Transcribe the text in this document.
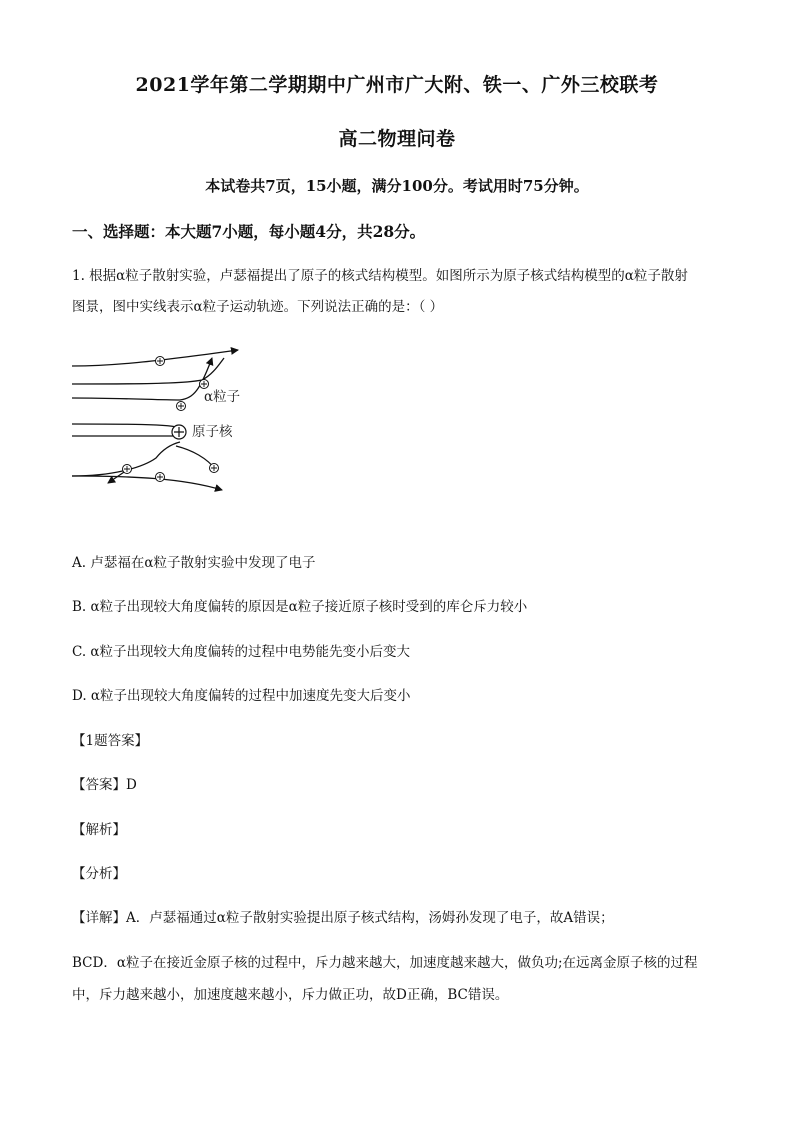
2021学年第二学期期中广州市广大附、铁一、广外三校联考
高二物理问卷
本试卷共7页，15小题，满分100分。考试用时75分钟。
一、选择题：本大题7小题，每小题4分，共28分。
1. 根据α粒子散射实验，卢瑟福提出了原子的核式结构模型。如图所示为原子核式结构模型的α粒子散射
图景，图中实线表示α粒子运动轨迹。下列说法正确的是：（ ）
α粒子
原子核
A. 卢瑟福在α粒子散射实验中发现了电子
B. α粒子出现较大角度偏转的原因是α粒子接近原子核时受到的库仑斥力较小
C. α粒子出现较大角度偏转的过程中电势能先变小后变大
D. α粒子出现较大角度偏转的过程中加速度先变大后变小
【1题答案】
【答案】D
【解析】
【分析】
【详解】A．卢瑟福通过α粒子散射实验提出原子核式结构，汤姆孙发现了电子，故A错误；
BCD．α粒子在接近金原子核的过程中，斥力越来越大，加速度越来越大，做负功;在远离金原子核的过程
中，斥力越来越小，加速度越来越小，斥力做正功，故D正确，BC错误。
